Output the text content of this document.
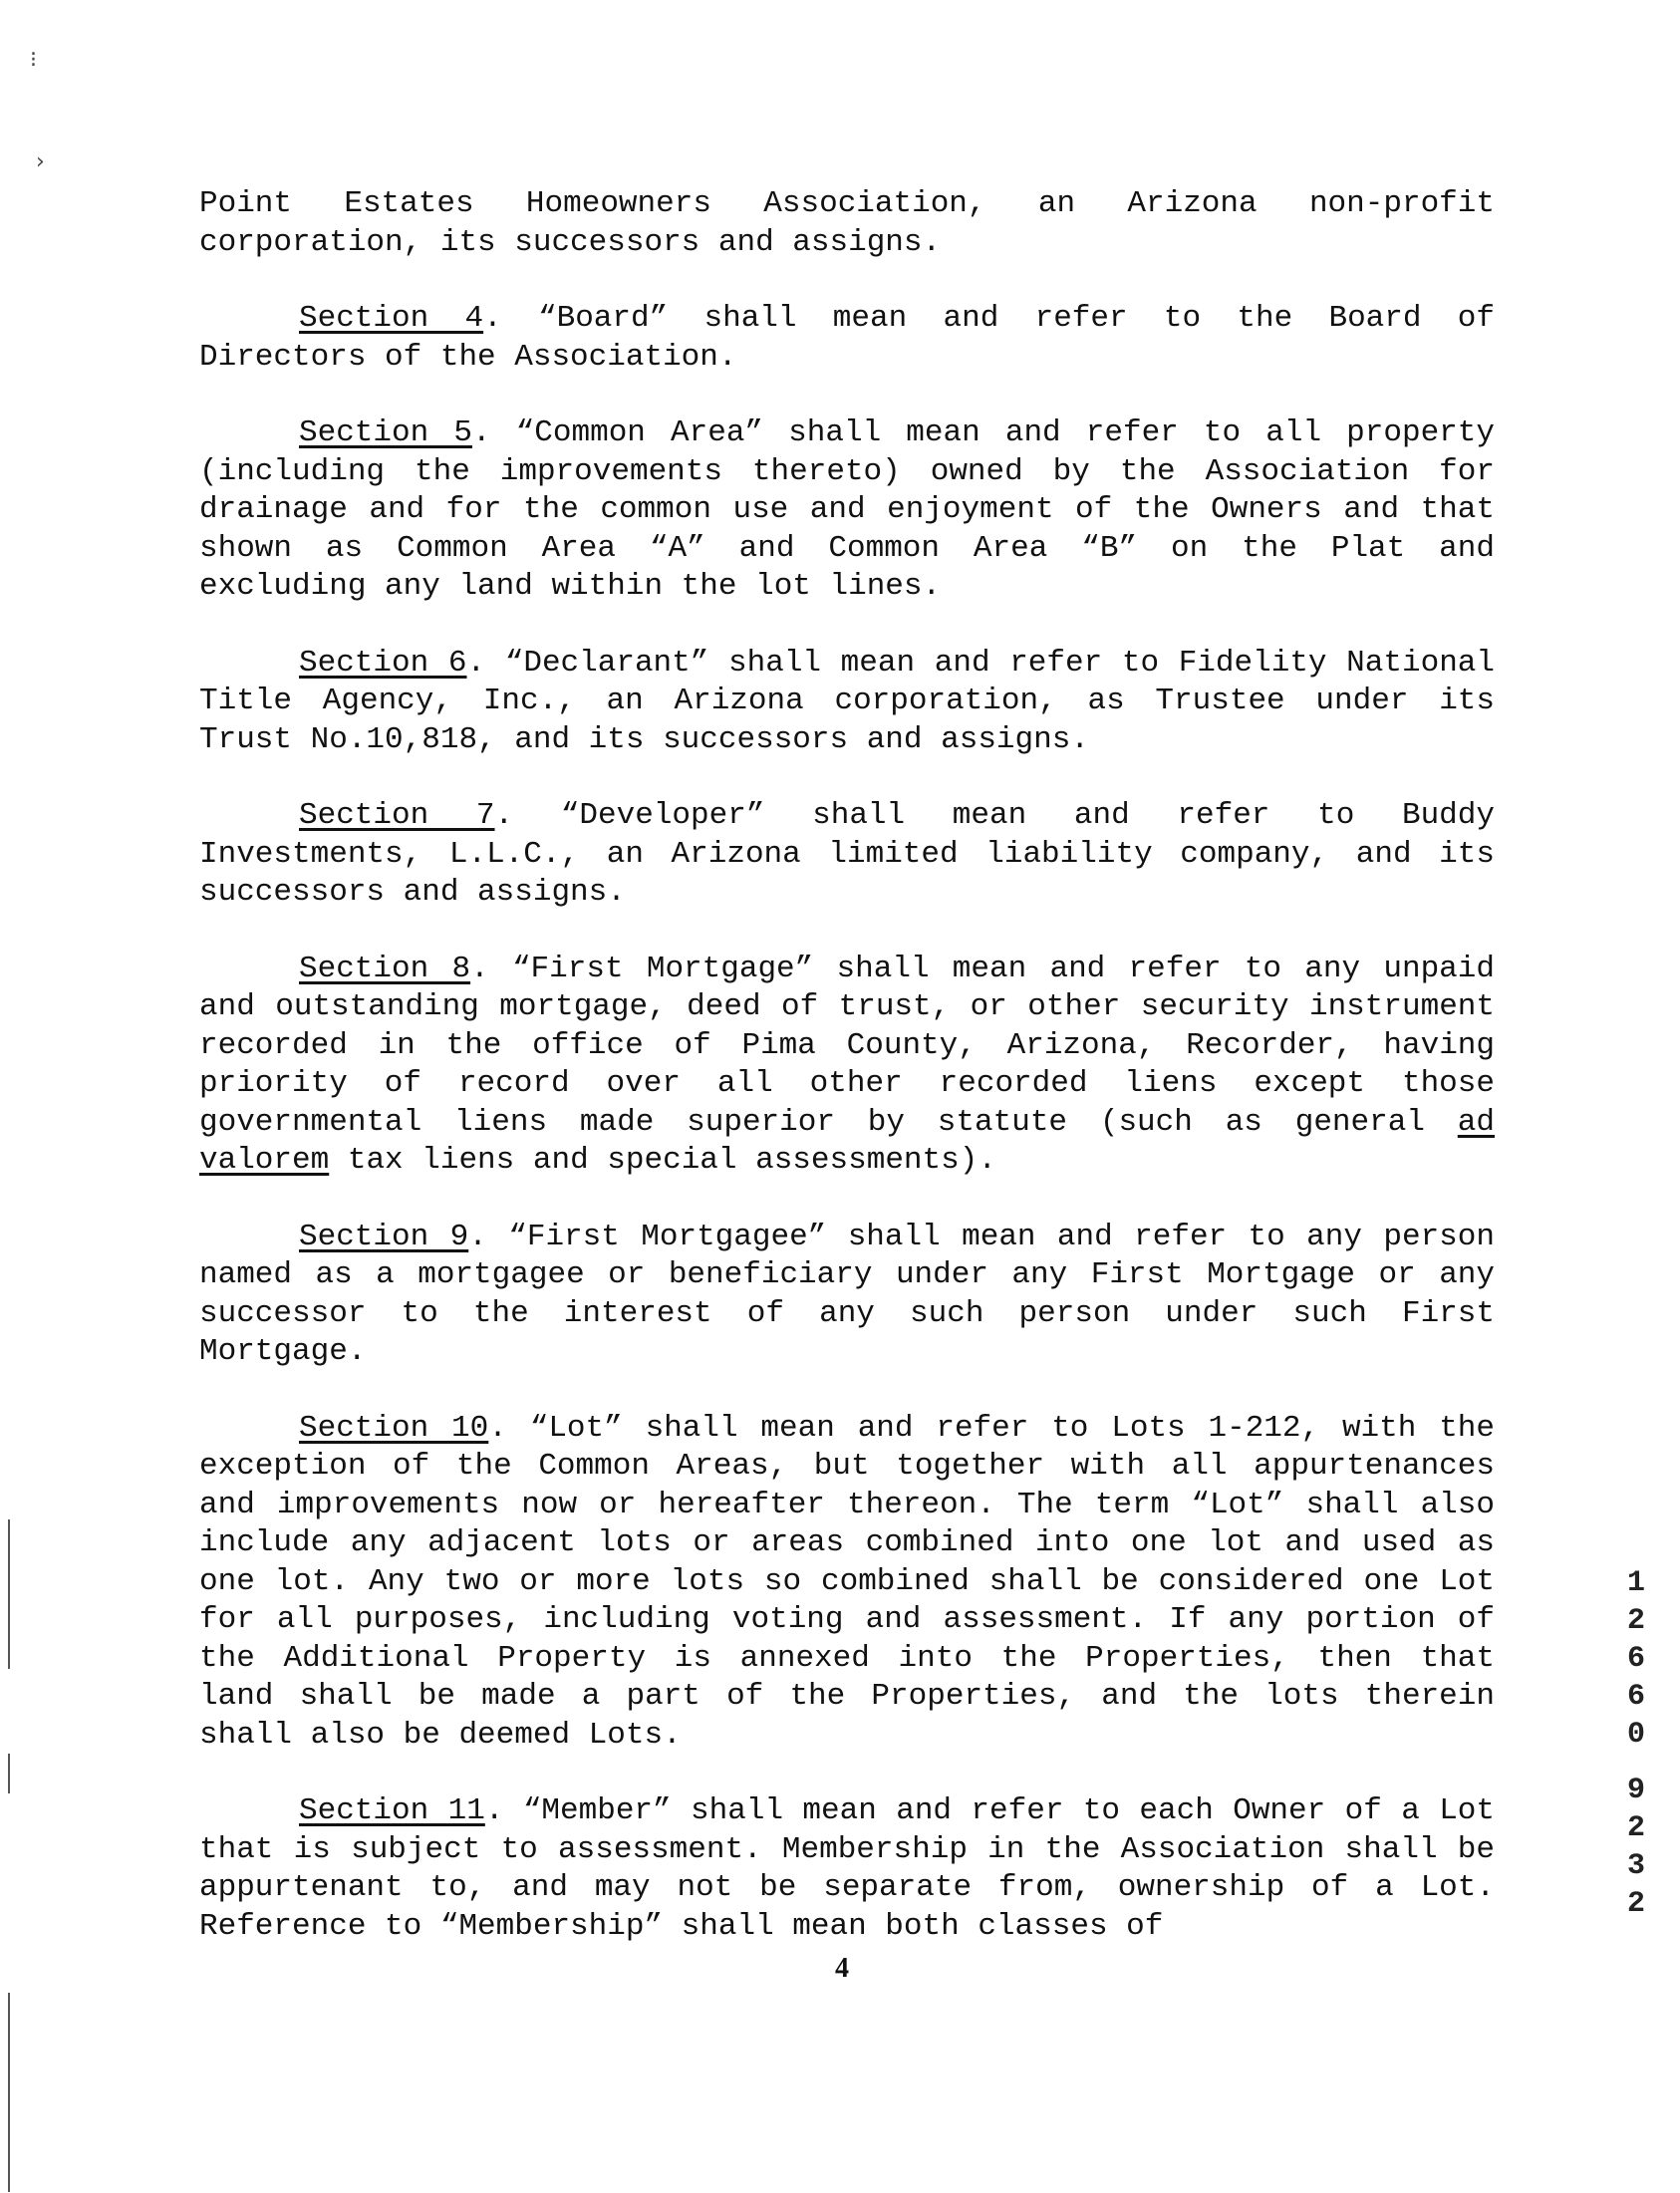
⁝
›

Point Estates Homeowners Association, an Arizona non-profit corporation, its successors and assigns.

Section 4. “Board” shall mean and refer to the Board of Directors of the Association.

Section 5. “Common Area” shall mean and refer to all property (including the improvements thereto) owned by the Association for drainage and for the common use and enjoyment of the Owners and that shown as Common Area “A” and Common Area “B” on the Plat and excluding any land within the lot lines.

Section 6. “Declarant” shall mean and refer to Fidelity National Title Agency, Inc., an Arizona corporation, as Trustee under its Trust No.10,818, and its successors and assigns.

Section 7. “Developer” shall mean and refer to Buddy Investments, L.L.C., an Arizona limited liability company, and its successors and assigns.

Section 8. “First Mortgage” shall mean and refer to any unpaid and outstanding mortgage, deed of trust, or other security instrument recorded in the office of Pima County, Arizona, Recorder, having priority of record over all other recorded liens except those governmental liens made superior by statute (such as general ad valorem tax liens and special assessments).

Section 9. “First Mortgagee” shall mean and refer to any person named as a mortgagee or beneficiary under any First Mortgage or any successor to the interest of any such person under such First Mortgage.

Section 10. “Lot” shall mean and refer to Lots 1-212, with the exception of the Common Areas, but together with all appurtenances and improvements now or hereafter thereon. The term “Lot” shall also include any adjacent lots or areas combined into one lot and used as one lot. Any two or more lots so combined shall be considered one Lot for all purposes, including voting and assessment. If any portion of the Additional Property is annexed into the Properties, then that land shall be made a part of the Properties, and the lots therein shall also be deemed Lots.

Section 11. “Member” shall mean and refer to each Owner of a Lot that is subject to assessment. Membership in the Association shall be appurtenant to, and may not be separate from, ownership of a Lot. Reference to “Membership” shall mean both classes of

4
1
2
6
6
0
9
2
3
2
